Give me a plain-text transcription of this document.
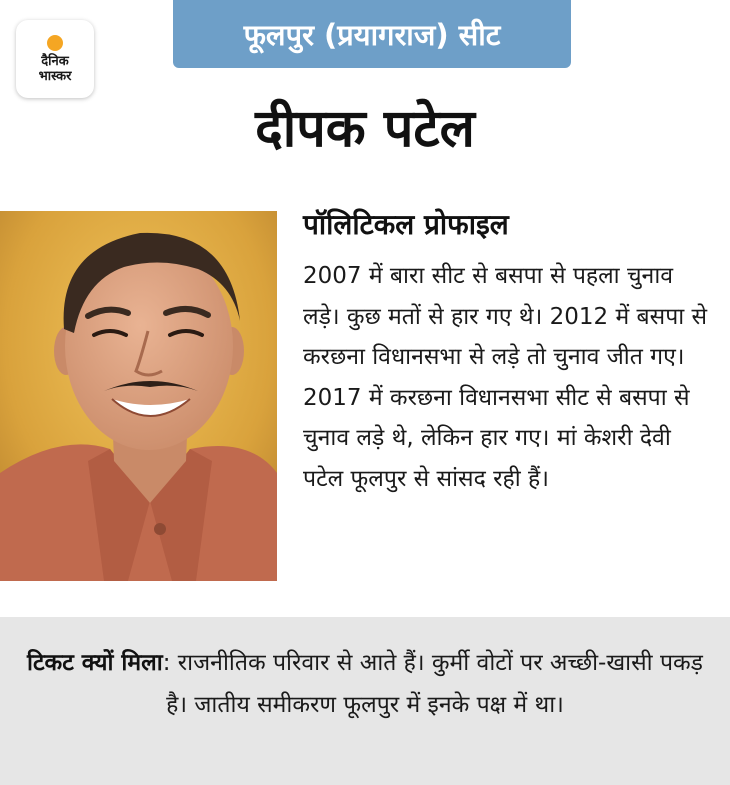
दैनिक
भास्कर
फूलपुर (प्रयागराज) सीट
दीपक पटेल
पॉलिटिकल प्रोफाइल

2007 में बारा सीट से बसपा से पहला चुनाव लड़े। कुछ मतों से हार गए थे। 2012 में बसपा से करछना विधानसभा से लड़े तो चुनाव जीत गए। 2017 में करछना विधानसभा सीट से बसपा से चुनाव लड़े थे, लेकिन हार गए। मां केशरी देवी पटेल फूलपुर से सांसद रही हैं।

टिकट क्यों मिला: राजनीतिक परिवार से आते हैं। कुर्मी वोटों पर अच्छी-खासी पकड़ है। जातीय समीकरण फूलपुर में इनके पक्ष में था।
